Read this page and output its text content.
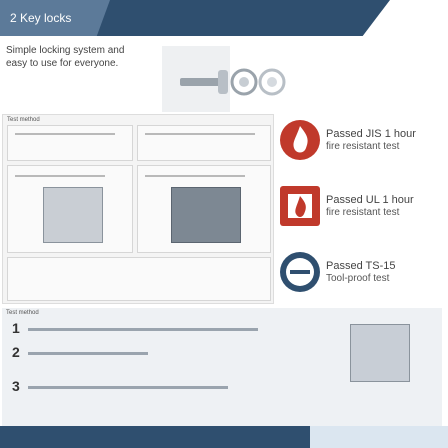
2 Key locks
Simple locking system and easy to use for everyone.
Test method
Passed JIS 1 hour
fire resistant test
Passed UL 1 hour
fire resistant test
Passed TS-15
Tool-proof test
Test method
1
2
3
